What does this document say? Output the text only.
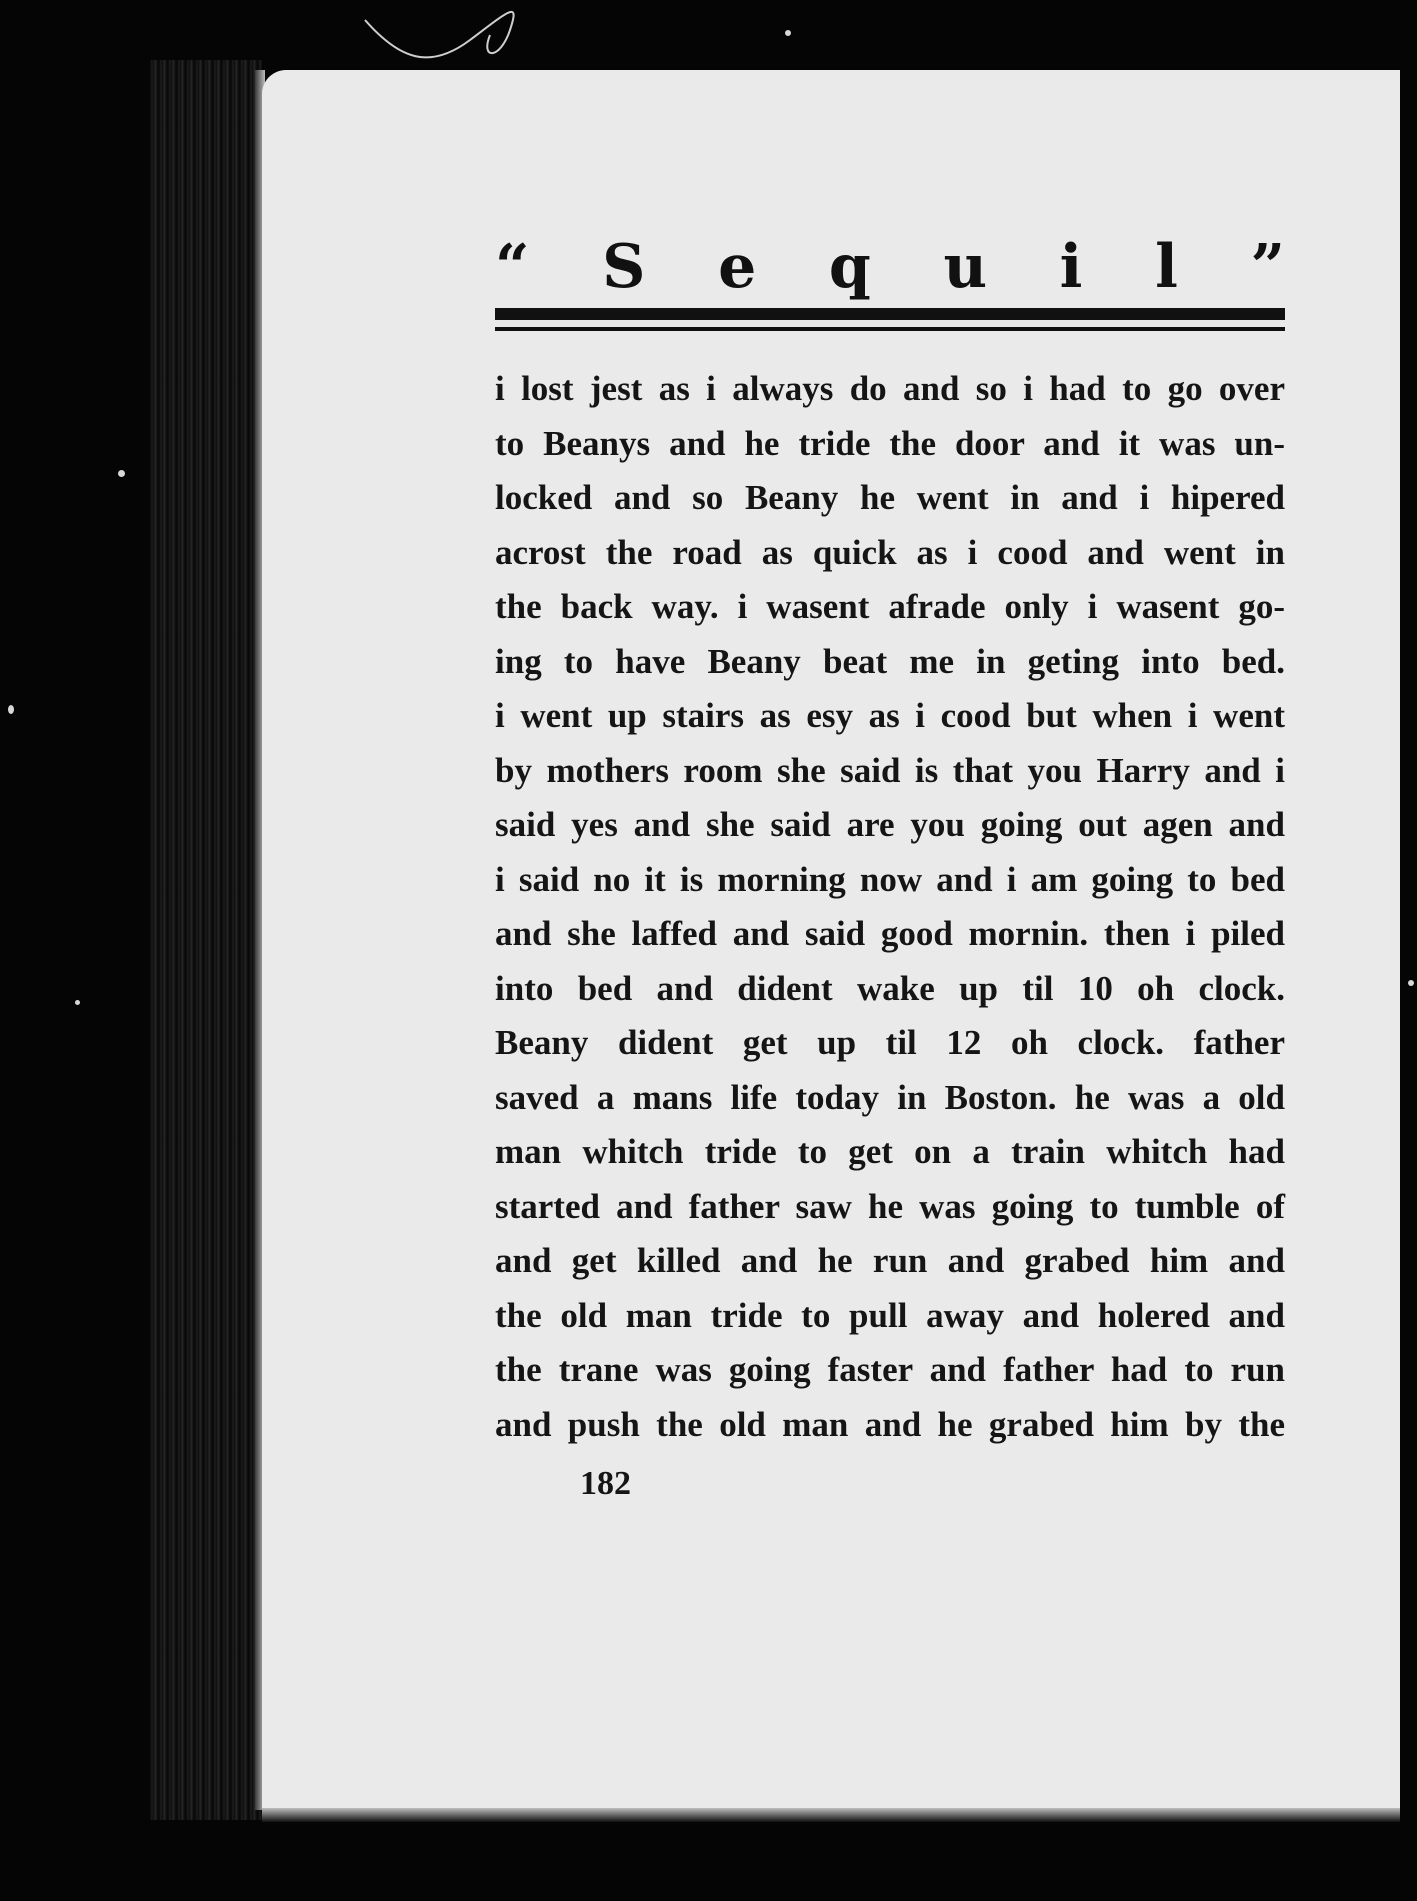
“ S e q u i l ”
i lost jest as i always do and so i had to go over
to Beanys and he tride the door and it was un-
locked and so Beany he went in and i hipered
acrost the road as quick as i cood and went in
the back way. i wasent afrade only i wasent go-
ing to have Beany beat me in geting into bed.
i went up stairs as esy as i cood but when i went
by mothers room she said is that you Harry and i
said yes and she said are you going out agen and
i said no it is morning now and i am going to bed
and she laffed and said good mornin. then i piled
into bed and dident wake up til 10 oh clock.
Beany dident get up til 12 oh clock. father
saved a mans life today in Boston. he was a old
man whitch tride to get on a train whitch had
started and father saw he was going to tumble of
and get killed and he run and grabed him and
the old man tride to pull away and holered and
the trane was going faster and father had to run
and push the old man and he grabed him by the
182
